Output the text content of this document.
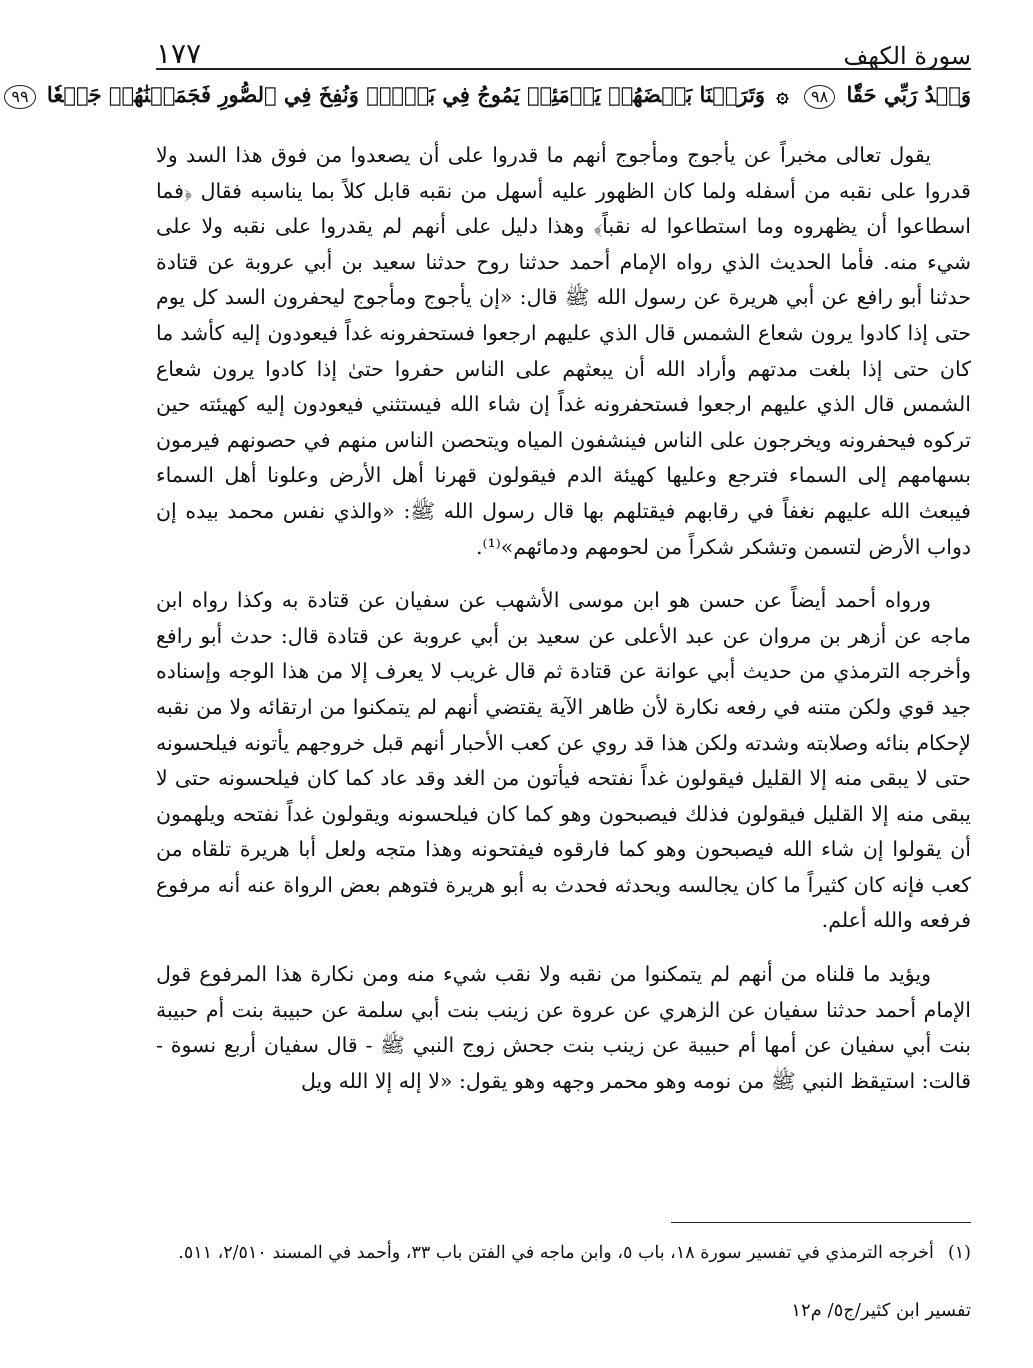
سورة الكهف
١٧٧
وَعۡدُ رَبِّي حَقّٗا ٩٨ ۞ وَتَرَكۡنَا بَعۡضَهُمۡ يَوۡمَئِذٖ يَمُوجُ فِي بَعۡضٖۖ وَنُفِخَ فِي ٱلصُّورِ فَجَمَعۡنَٰهُمۡ جَمۡعٗا ٩٩

يقول تعالى مخبراً عن يأجوج ومأجوج أنهم ما قدروا على أن يصعدوا من فوق هذا السد ولا قدروا على نقبه من أسفله ولما كان الظهور عليه أسهل من نقبه قابل كلاً بما يناسبه فقال ﴿فما اسطاعوا أن يظهروه وما استطاعوا له نقباً﴾ وهذا دليل على أنهم لم يقدروا على نقبه ولا على شيء منه. فأما الحديث الذي رواه الإمام أحمد حدثنا روح حدثنا سعيد بن أبي عروبة عن قتادة حدثنا أبو رافع عن أبي هريرة عن رسول الله ﷺ قال: «إن يأجوج ومأجوج ليحفرون السد كل يوم حتى إذا كادوا يرون شعاع الشمس قال الذي عليهم ارجعوا فستحفرونه غداً فيعودون إليه كأشد ما كان حتى إذا بلغت مدتهم وأراد الله أن يبعثهم على الناس حفروا حتىٰ إذا كادوا يرون شعاع الشمس قال الذي عليهم ارجعوا فستحفرونه غداً إن شاء الله فيستثني فيعودون إليه كهيئته حين تركوه فيحفرونه ويخرجون على الناس فينشفون المياه ويتحصن الناس منهم في حصونهم فيرمون بسهامهم إلى السماء فترجع وعليها كهيئة الدم فيقولون قهرنا أهل الأرض وعلونا أهل السماء فيبعث الله عليهم نغفاً في رقابهم فيقتلهم بها قال رسول الله ﷺ: «والذي نفس محمد بيده إن دواب الأرض لتسمن وتشكر شكراً من لحومهم ودمائهم»⁽¹⁾.

ورواه أحمد أيضاً عن حسن هو ابن موسى الأشهب عن سفيان عن قتادة به وكذا رواه ابن ماجه عن أزهر بن مروان عن عبد الأعلى عن سعيد بن أبي عروبة عن قتادة قال: حدث أبو رافع وأخرجه الترمذي من حديث أبي عوانة عن قتادة ثم قال غريب لا يعرف إلا من هذا الوجه وإسناده جيد قوي ولكن متنه في رفعه نكارة لأن ظاهر الآية يقتضي أنهم لم يتمكنوا من ارتقائه ولا من نقبه لإحكام بنائه وصلابته وشدته ولكن هذا قد روي عن كعب الأحبار أنهم قبل خروجهم يأتونه فيلحسونه حتى لا يبقى منه إلا القليل فيقولون غداً نفتحه فيأتون من الغد وقد عاد كما كان فيلحسونه حتى لا يبقى منه إلا القليل فيقولون فذلك فيصبحون وهو كما كان فيلحسونه ويقولون غداً نفتحه ويلهمون أن يقولوا إن شاء الله فيصبحون وهو كما فارقوه فيفتحونه وهذا متجه ولعل أبا هريرة تلقاه من كعب فإنه كان كثيراً ما كان يجالسه ويحدثه فحدث به أبو هريرة فتوهم بعض الرواة عنه أنه مرفوع فرفعه والله أعلم.

ويؤيد ما قلناه من أنهم لم يتمكنوا من نقبه ولا نقب شيء منه ومن نكارة هذا المرفوع قول الإمام أحمد حدثنا سفيان عن الزهري عن عروة عن زينب بنت أبي سلمة عن حبيبة بنت أم حبيبة بنت أبي سفيان عن أمها أم حبيبة عن زينب بنت جحش زوج النبي ﷺ - قال سفيان أربع نسوة - قالت: استيقظ النبي ﷺ من نومه وهو محمر وجهه وهو يقول: «لا إله إلا الله ويل

(١)أخرجه الترمذي في تفسير سورة ١٨، باب ٥، وابن ماجه في الفتن باب ٣٣، وأحمد في المسند ٢/٥١٠، ٥١١.
تفسير ابن كثير/ج٥/ م١٢
